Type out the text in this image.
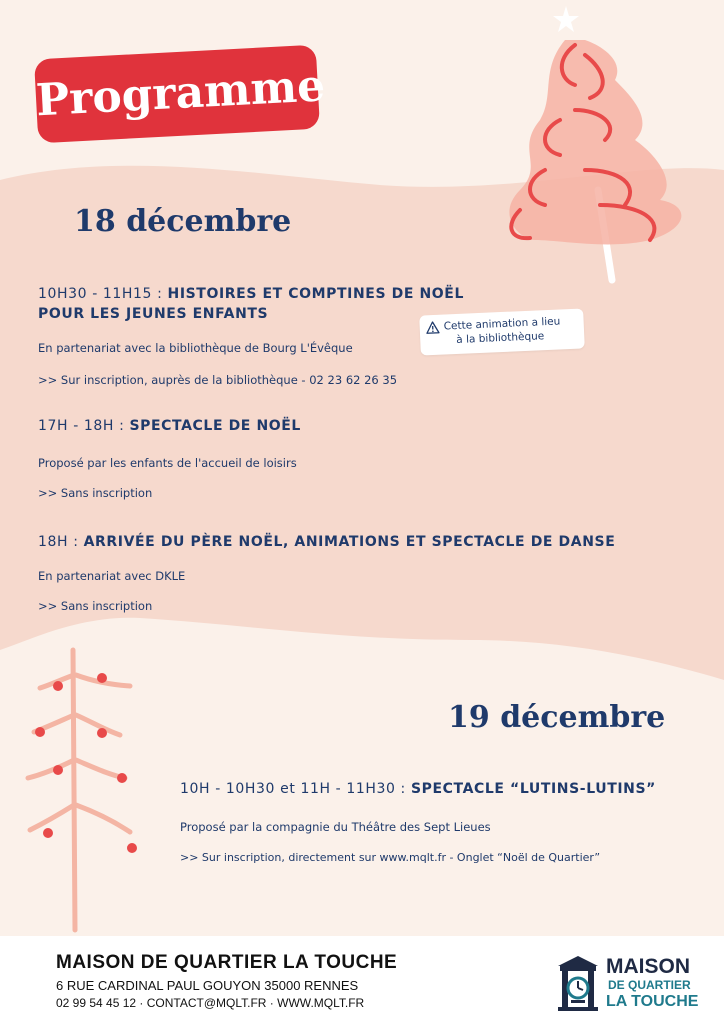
Programme
18 décembre
10H30 - 11H15 : HISTOIRES ET COMPTINES DE NOËL
POUR LES JEUNES ENFANTS
En partenariat avec la bibliothèque de Bourg L'Évêque
>> Sur inscription, auprès de la bibliothèque - 02 23 62 26 35
Cette animation a lieu
à la bibliothèque
17H - 18H : SPECTACLE DE NOËL
Proposé par les enfants de l'accueil de loisirs
>> Sans inscription
18H : ARRIVÉE DU PÈRE NOËL, ANIMATIONS ET SPECTACLE DE DANSE
En partenariat avec DKLE
>> Sans inscription
19 décembre
10H - 10H30 et 11H - 11H30 : SPECTACLE “LUTINS-LUTINS”
Proposé par la compagnie du Théâtre des Sept Lieues
>> Sur inscription, directement sur www.mqlt.fr - Onglet “Noël de Quartier”
MAISON DE QUARTIER LA TOUCHE
6 RUE CARDINAL PAUL GOUYON 35000 RENNES
02 99 54 45 12 · CONTACT@MQLT.FR · WWW.MQLT.FR
MAISON
DE QUARTIER
LA TOUCHE
